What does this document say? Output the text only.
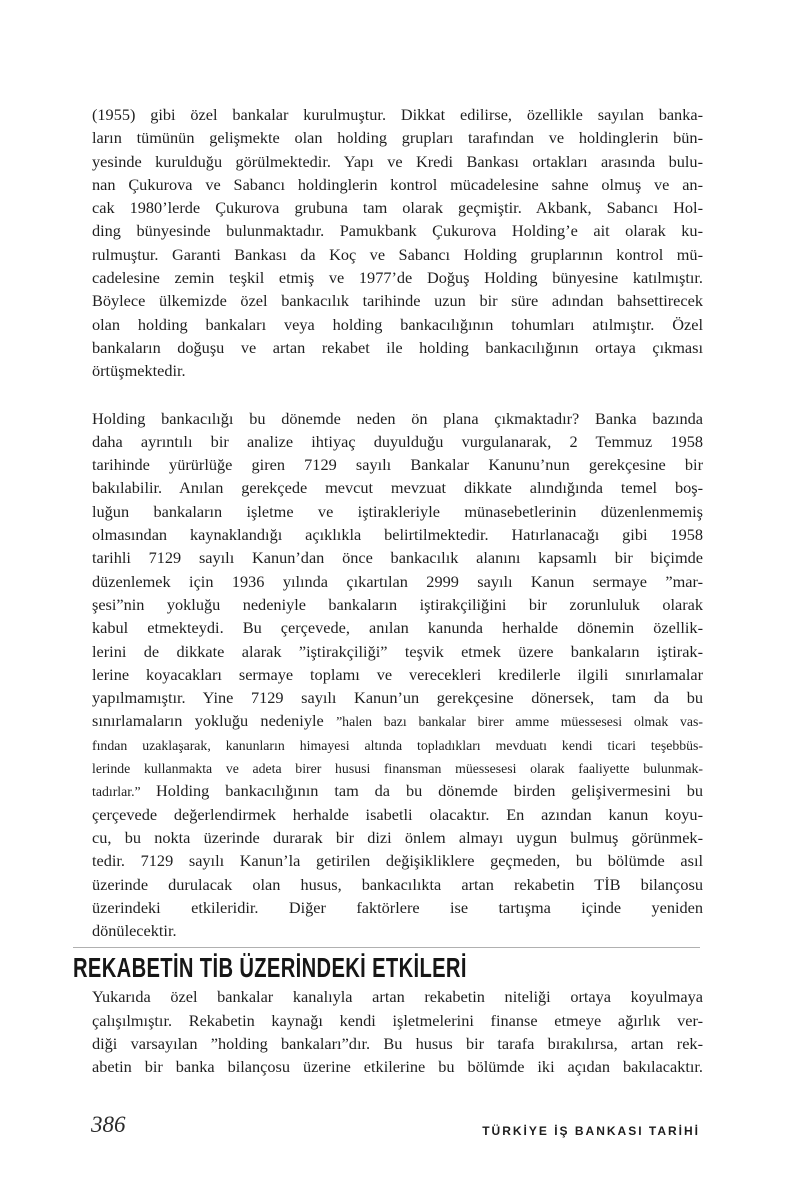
(1955) gibi özel bankalar kurulmuştur. Dikkat edilirse, özellikle sayılan banka-
ların tümünün gelişmekte olan holding grupları tarafından ve holdinglerin bün-
yesinde kurulduğu görülmektedir. Yapı ve Kredi Bankası ortakları arasında bulu-
nan Çukurova ve Sabancı holdinglerin kontrol mücadelesine sahne olmuş ve an-
cak 1980’lerde Çukurova grubuna tam olarak geçmiştir. Akbank, Sabancı Hol-
ding bünyesinde bulunmaktadır. Pamukbank Çukurova Holding’e ait olarak ku-
rulmuştur. Garanti Bankası da Koç ve Sabancı Holding gruplarının kontrol mü-
cadelesine zemin teşkil etmiş ve 1977’de Doğuş Holding bünyesine katılmıştır.
Böylece ülkemizde özel bankacılık tarihinde uzun bir süre adından bahsettirecek
olan holding bankaları veya holding bankacılığının tohumları atılmıştır. Özel
bankaların doğuşu ve artan rekabet ile holding bankacılığının ortaya çıkması
örtüşmektedir.
Holding bankacılığı bu dönemde neden ön plana çıkmaktadır? Banka bazında
daha ayrıntılı bir analize ihtiyaç duyulduğu vurgulanarak, 2 Temmuz 1958
tarihinde yürürlüğe giren 7129 sayılı Bankalar Kanunu’nun gerekçesine bir
bakılabilir. Anılan gerekçede mevcut mevzuat dikkate alındığında temel boş-
luğun bankaların işletme ve iştirakleriyle münasebetlerinin düzenlenmemiş
olmasından kaynaklandığı açıklıkla belirtilmektedir. Hatırlanacağı gibi 1958
tarihli 7129 sayılı Kanun’dan önce bankacılık alanını kapsamlı bir biçimde
düzenlemek için 1936 yılında çıkartılan 2999 sayılı Kanun sermaye ”mar-
şesi”nin yokluğu nedeniyle bankaların iştirakçiliğini bir zorunluluk olarak
kabul etmekteydi. Bu çerçevede, anılan kanunda herhalde dönemin özellik-
lerini de dikkate alarak ”iştirakçiliği” teşvik etmek üzere bankaların iştirak-
lerine koyacakları sermaye toplamı ve verecekleri kredilerle ilgili sınırlamalar
yapılmamıştır. Yine 7129 sayılı Kanun’un gerekçesine dönersek, tam da bu
sınırlamaların yokluğu nedeniyle ”halen bazı bankalar birer amme müessesesi olmak vas-
fından uzaklaşarak, kanunların himayesi altında topladıkları mevduatı kendi ticari teşebbüs-
lerinde kullanmakta ve adeta birer hususi finansman müessesesi olarak faaliyette bulunmak-
tadırlar.” Holding bankacılığının tam da bu dönemde birden gelişivermesini bu
çerçevede değerlendirmek herhalde isabetli olacaktır. En azından kanun koyu-
cu, bu nokta üzerinde durarak bir dizi önlem almayı uygun bulmuş görünmek-
tedir. 7129 sayılı Kanun’la getirilen değişikliklere geçmeden, bu bölümde asıl
üzerinde durulacak olan husus, bankacılıkta artan rekabetin TİB bilançosu
üzerindeki etkileridir. Diğer faktörlere ise tartışma içinde yeniden
dönülecektir.
REKABETİN TİB ÜZERİNDEKİ ETKİLERİ
Yukarıda özel bankalar kanalıyla artan rekabetin niteliği ortaya koyulmaya
çalışılmıştır. Rekabetin kaynağı kendi işletmelerini finanse etmeye ağırlık ver-
diği varsayılan ”holding bankaları”dır. Bu husus bir tarafa bırakılırsa, artan rek-
abetin bir banka bilançosu üzerine etkilerine bu bölümde iki açıdan bakılacaktır.
386	TÜRKİYE İŞ BANKASI TARİHİ
